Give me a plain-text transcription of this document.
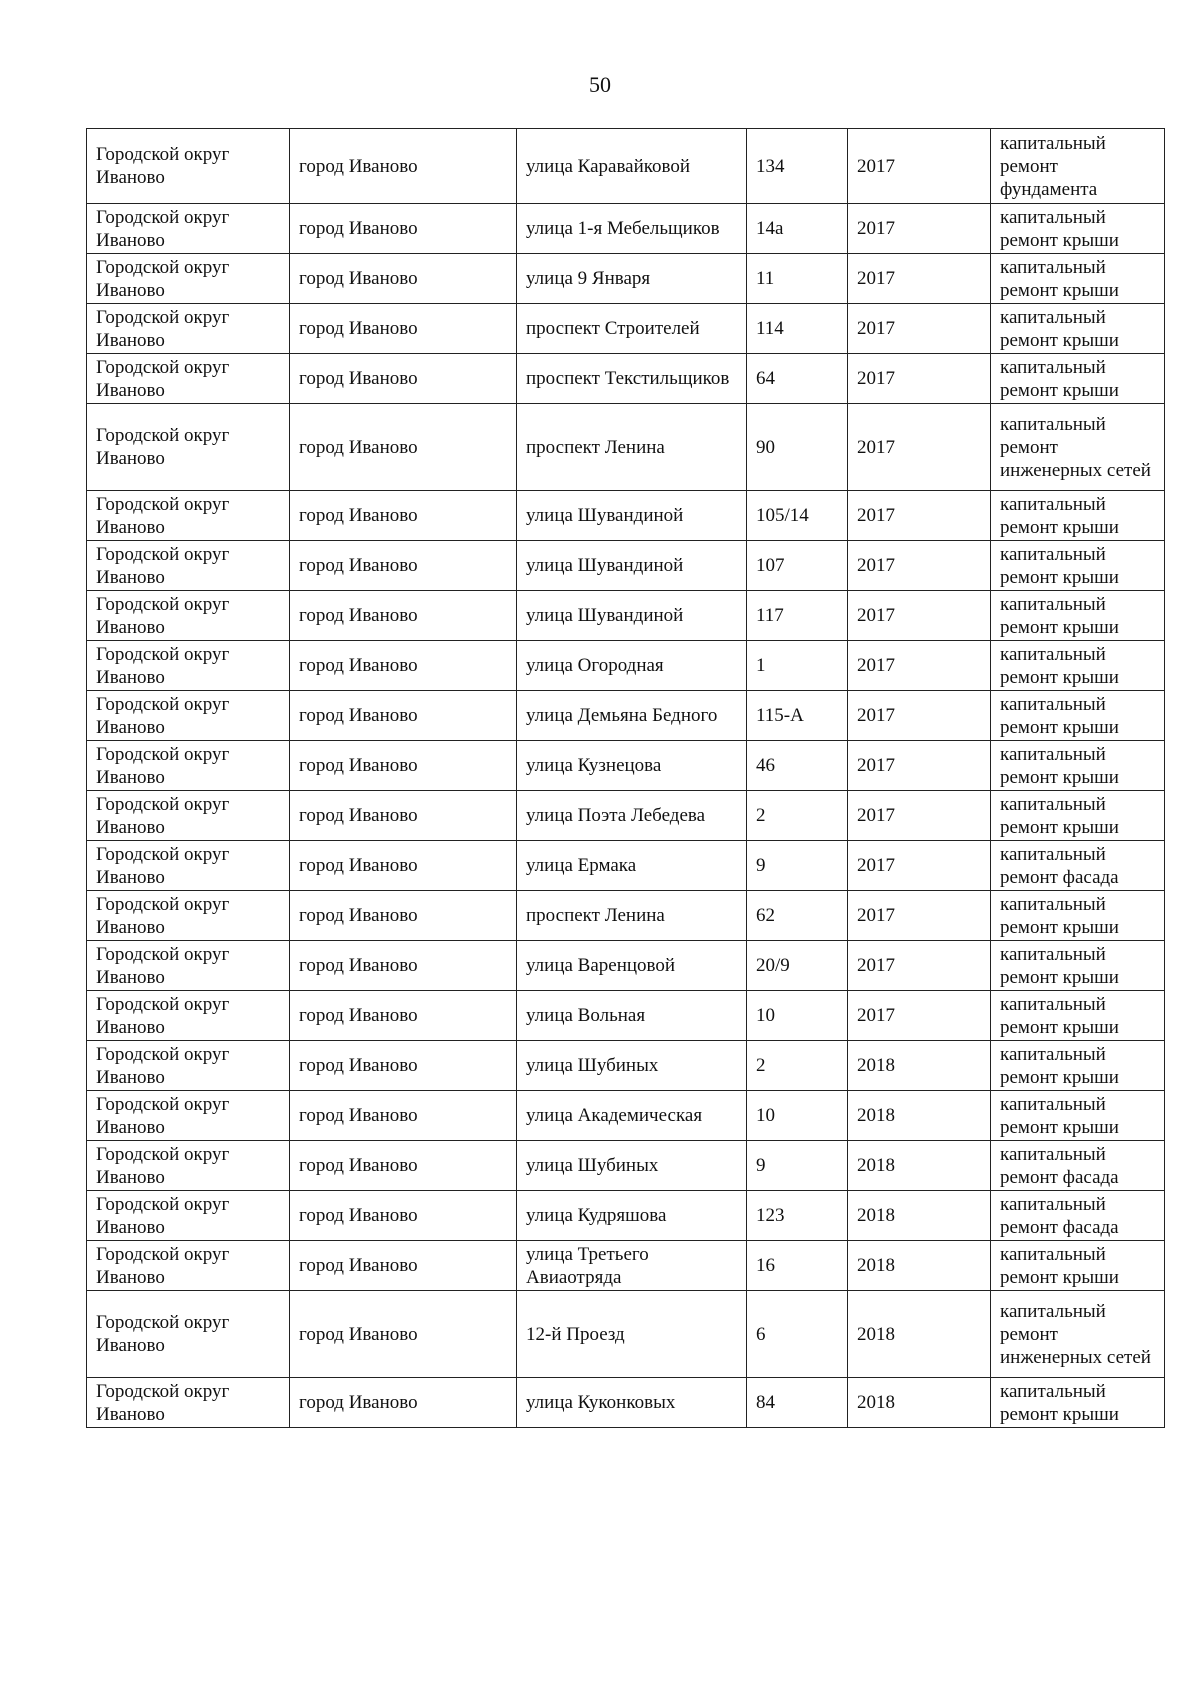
50
Городской округ Иваново	город Иваново	улица Каравайковой	134	2017	капитальный ремонт фундамента
Городской округ Иваново	город Иваново	улица 1-я Мебельщиков	14а	2017	капитальный ремонт крыши
Городской округ Иваново	город Иваново	улица 9 Января	11	2017	капитальный ремонт крыши
Городской округ Иваново	город Иваново	проспект Строителей	114	2017	капитальный ремонт крыши
Городской округ Иваново	город Иваново	проспект Текстильщиков	64	2017	капитальный ремонт крыши
Городской округ Иваново	город Иваново	проспект Ленина	90	2017	капитальный ремонт инженерных сетей
Городской округ Иваново	город Иваново	улица Шувандиной	105/14	2017	капитальный ремонт крыши
Городской округ Иваново	город Иваново	улица Шувандиной	107	2017	капитальный ремонт крыши
Городской округ Иваново	город Иваново	улица Шувандиной	117	2017	капитальный ремонт крыши
Городской округ Иваново	город Иваново	улица Огородная	1	2017	капитальный ремонт крыши
Городской округ Иваново	город Иваново	улица Демьяна Бедного	115-А	2017	капитальный ремонт крыши
Городской округ Иваново	город Иваново	улица Кузнецова	46	2017	капитальный ремонт крыши
Городской округ Иваново	город Иваново	улица Поэта Лебедева	2	2017	капитальный ремонт крыши
Городской округ Иваново	город Иваново	улица Ермака	9	2017	капитальный ремонт фасада
Городской округ Иваново	город Иваново	проспект Ленина	62	2017	капитальный ремонт крыши
Городской округ Иваново	город Иваново	улица Варенцовой	20/9	2017	капитальный ремонт крыши
Городской округ Иваново	город Иваново	улица Вольная	10	2017	капитальный ремонт крыши
Городской округ Иваново	город Иваново	улица Шубиных	2	2018	капитальный ремонт крыши
Городской округ Иваново	город Иваново	улица Академическая	10	2018	капитальный ремонт крыши
Городской округ Иваново	город Иваново	улица Шубиных	9	2018	капитальный ремонт фасада
Городской округ Иваново	город Иваново	улица Кудряшова	123	2018	капитальный ремонт фасада
Городской округ Иваново	город Иваново	улица Третьего Авиаотряда	16	2018	капитальный ремонт крыши
Городской округ Иваново	город Иваново	12-й Проезд	6	2018	капитальный ремонт инженерных сетей
Городской округ Иваново	город Иваново	улица Куконковых	84	2018	капитальный ремонт крыши
